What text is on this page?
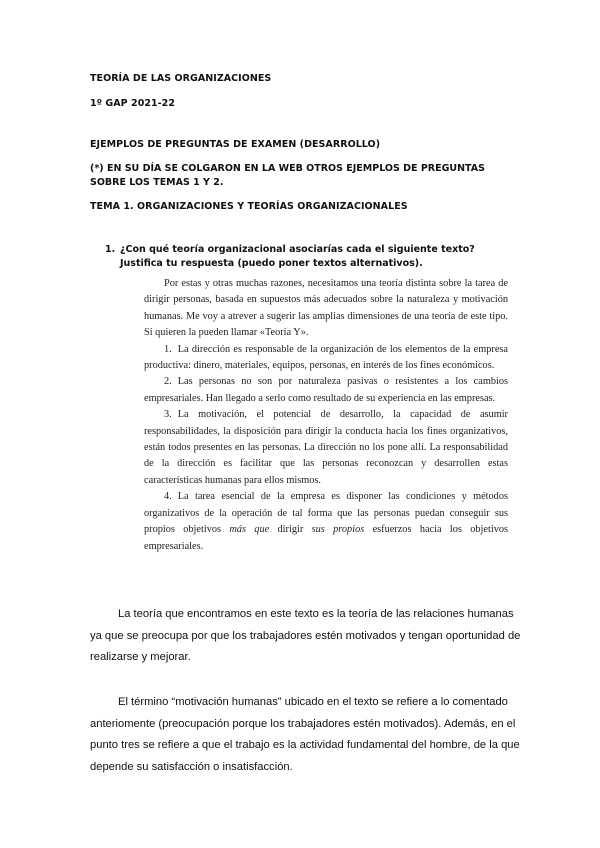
TEORÍA DE LAS ORGANIZACIONES
1º GAP 2021-22
EJEMPLOS DE PREGUNTAS DE EXAMEN (DESARROLLO)
(*) EN SU DÍA SE COLGARON EN LA WEB OTROS EJEMPLOS DE PREGUNTAS SOBRE LOS TEMAS 1 Y 2.
TEMA 1. ORGANIZACIONES Y TEORÍAS ORGANIZACIONALES
1. ¿Con qué teoría organizacional asociarías cada el siguiente texto? Justifica tu respuesta (puedo poner textos alternativos).

Por estas y otras muchas razones, necesitamos una teoría distinta sobre la tarea de dirigir personas, basada en supuestos más adecuados sobre la naturaleza y motivación humanas. Me voy a atrever a sugerir las amplias dimensiones de una teoría de este tipo. Si quieren la pueden llamar «Teoría Y».

1. La dirección es responsable de la organización de los elementos de la empresa productiva: dinero, materiales, equipos, personas, en interés de los fines económicos.
2. Las personas no son por naturaleza pasivas o resistentes a los cambios empresariales. Han llegado a serlo como resultado de su experiencia en las empresas.
3. La motivación, el potencial de desarrollo, la capacidad de asumir responsabilidades, la disposición para dirigir la conducta hacia los fines organizativos, están todos presentes en las personas. La dirección no los pone allí. La responsabilidad de la dirección es facilitar que las personas reconozcan y desarrollen estas características humanas para ellos mismos.
4. La tarea esencial de la empresa es disponer las condiciones y métodos organizativos de la operación de tal forma que las personas puedan conseguir sus propios objetivos más que dirigir sus propios esfuerzos hacia los objetivos empresariales.
La teoría que encontramos en este texto es la teoría de las relaciones humanas ya que se preocupa por que los trabajadores estén motivados y tengan oportunidad de realizarse y mejorar.
El término “motivación humanas” ubicado en el texto se refiere a lo comentado anteriomente (preocupación porque los trabajadores estén motivados). Además, en el punto tres se refiere a que el trabajo es la actividad fundamental del hombre, de la que depende su satisfacción o insatisfacción.
